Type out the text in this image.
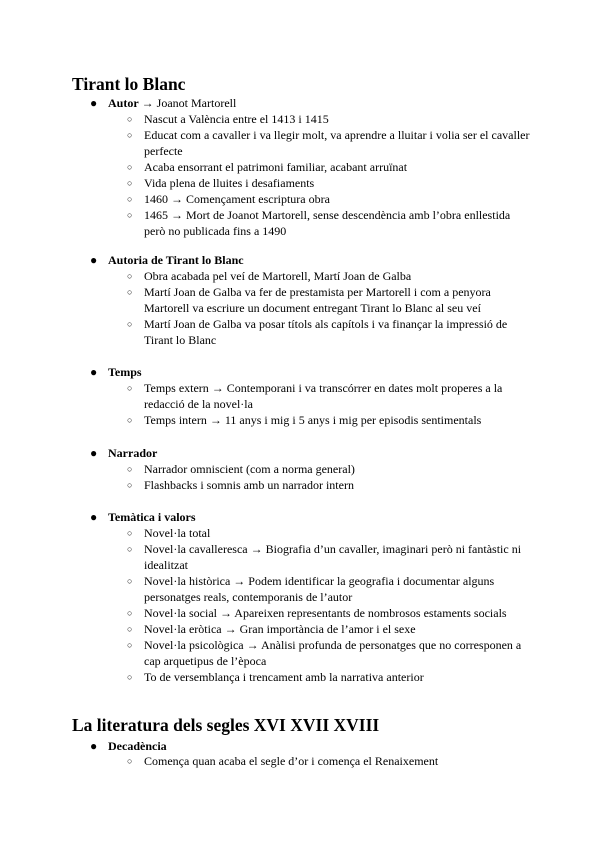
Tirant lo Blanc
● Autor → Joanot Martorell
○ Nascut a València entre el 1413 i 1415
○ Educat com a cavaller i va llegir molt, va aprendre a lluitar i volia ser el cavaller perfecte
○ Acaba ensorrant el patrimoni familiar, acabant arruïnat
○ Vida plena de lluites i desafiaments
○ 1460 → Començament escriptura obra
○ 1465 → Mort de Joanot Martorell, sense descendència amb l’obra enllestida però no publicada fins a 1490
● Autoria de Tirant lo Blanc
○ Obra acabada pel veí de Martorell, Martí Joan de Galba
○ Martí Joan de Galba va fer de prestamista per Martorell i com a penyora Martorell va escriure un document entregant Tirant lo Blanc al seu veí
○ Martí Joan de Galba va posar títols als capítols i va finançar la impressió de Tirant lo Blanc
● Temps
○ Temps extern → Contemporani i va transcórrer en dates molt properes a la redacció de la novel·la
○ Temps intern → 11 anys i mig i 5 anys i mig per episodis sentimentals
● Narrador
○ Narrador omniscient (com a norma general)
○ Flashbacks i somnis amb un narrador intern
● Temàtica i valors
○ Novel·la total
○ Novel·la cavalleresca → Biografia d’un cavaller, imaginari però ni fantàstic ni idealitzat
○ Novel·la històrica → Podem identificar la geografia i documentar alguns personatges reals, contemporanis de l’autor
○ Novel·la social → Apareixen representants de nombrosos estaments socials
○ Novel·la eròtica → Gran importància de l’amor i el sexe
○ Novel·la psicològica → Anàlisi profunda de personatges que no corresponen a cap arquetipus de l’època
○ To de versemblança i trencament amb la narrativa anterior
La literatura dels segles XVI XVII XVIII
● Decadència
○ Comença quan acaba el segle d’or i comença el Renaixement
